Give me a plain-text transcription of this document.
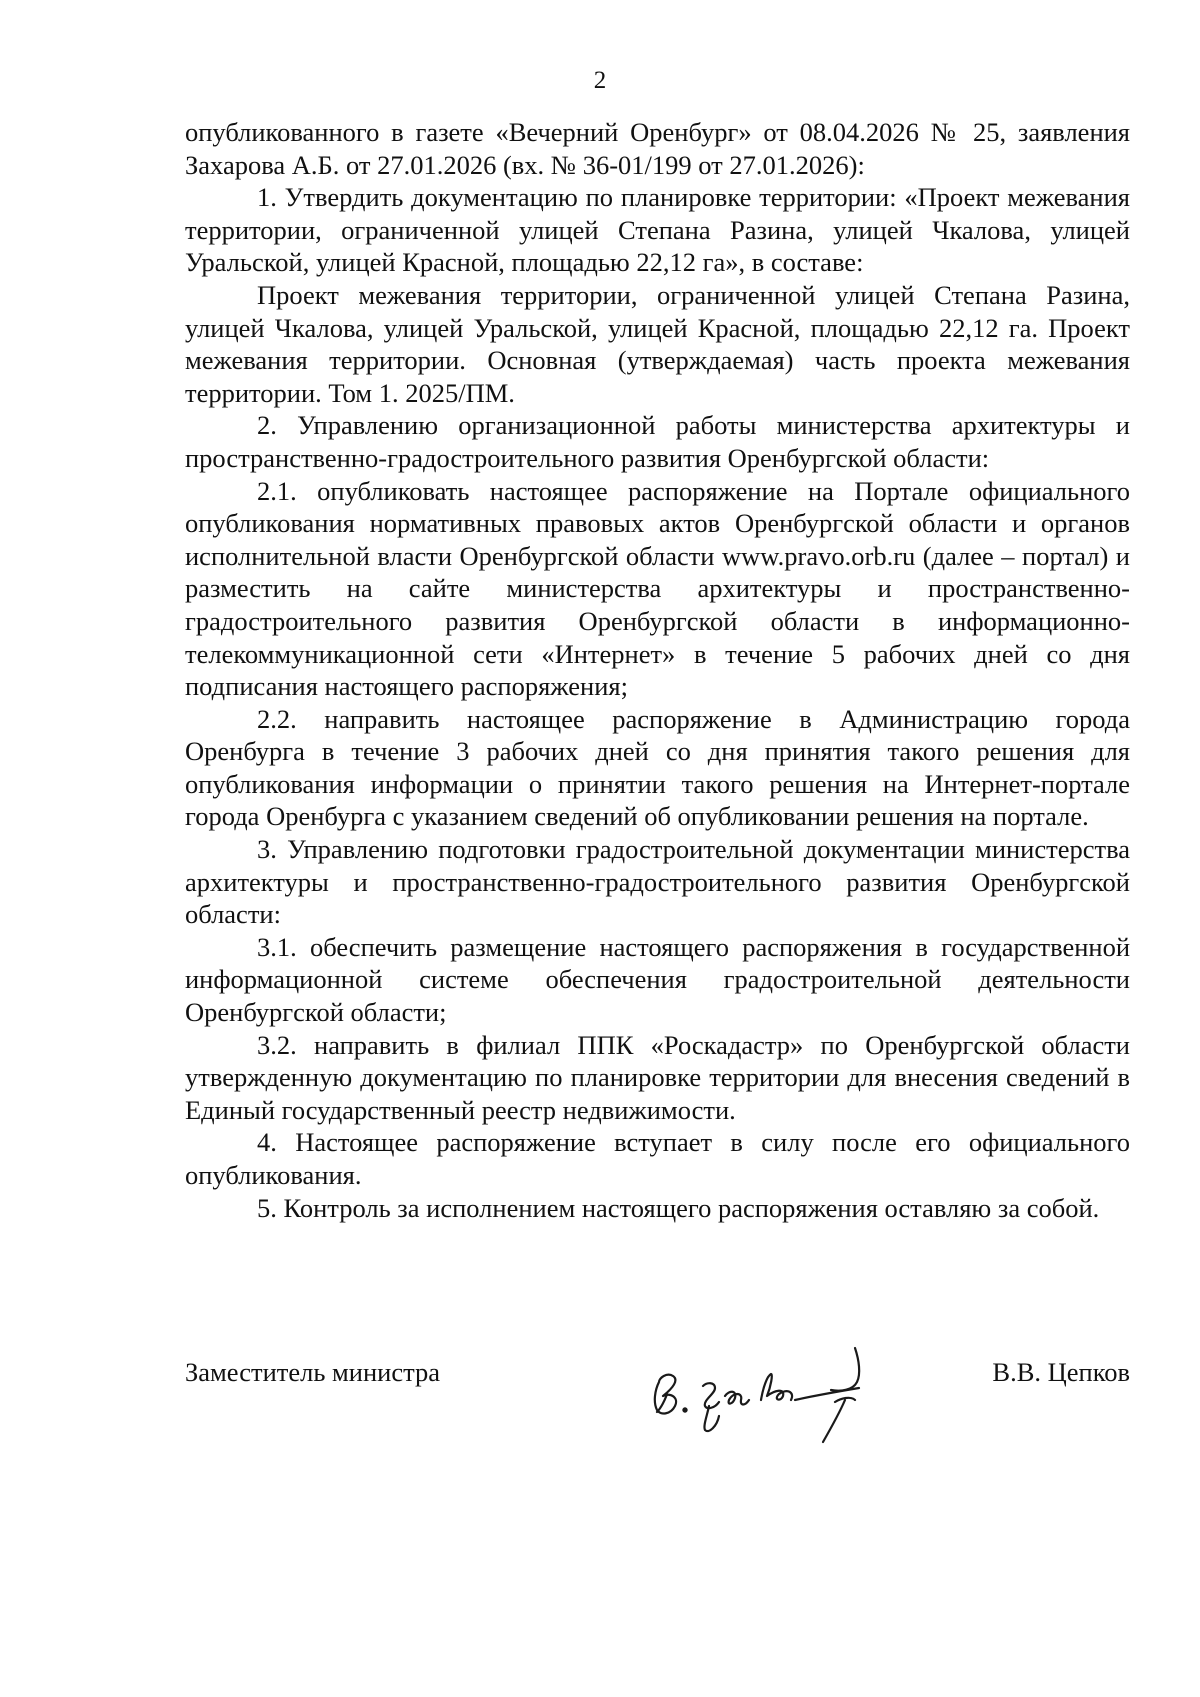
2

опубликованного в газете «Вечерний Оренбург» от 08.04.2026 № 25, заявления Захарова А.Б. от 27.01.2026 (вх. № 36-01/199 от 27.01.2026):

1. Утвердить документацию по планировке территории: «Проект межевания территории, ограниченной улицей Степана Разина, улицей Чкалова, улицей Уральской, улицей Красной, площадью 22,12 га», в составе:

Проект межевания территории, ограниченной улицей Степана Разина, улицей Чкалова, улицей Уральской, улицей Красной, площадью 22,12 га. Проект межевания территории. Основная (утверждаемая) часть проекта межевания территории. Том 1. 2025/ПМ.

2. Управлению организационной работы министерства архитектуры и пространственно-градостроительного развития Оренбургской области:

2.1. опубликовать настоящее распоряжение на Портале официального опубликования нормативных правовых актов Оренбургской области и органов исполнительной власти Оренбургской области www.pravo.orb.ru (далее – портал) и разместить на сайте министерства архитектуры и пространственно-градостроительного развития Оренбургской области в информационно-телекоммуникационной сети «Интернет» в течение 5 рабочих дней со дня подписания настоящего распоряжения;

2.2. направить настоящее распоряжение в Администрацию города Оренбурга в течение 3 рабочих дней со дня принятия такого решения для опубликования информации о принятии такого решения на Интернет-портале города Оренбурга с указанием сведений об опубликовании решения на портале.

3. Управлению подготовки градостроительной документации министерства архитектуры и пространственно-градостроительного развития Оренбургской области:

3.1. обеспечить размещение настоящего распоряжения в государственной информационной системе обеспечения градостроительной деятельности Оренбургской области;

3.2. направить в филиал ППК «Роскадастр» по Оренбургской области утвержденную документацию по планировке территории для внесения сведений в Единый государственный реестр недвижимости.

4. Настоящее распоряжение вступает в силу после его официального опубликования.

5. Контроль за исполнением настоящего распоряжения оставляю за собой.

Заместитель министра	В.В. Цепков
